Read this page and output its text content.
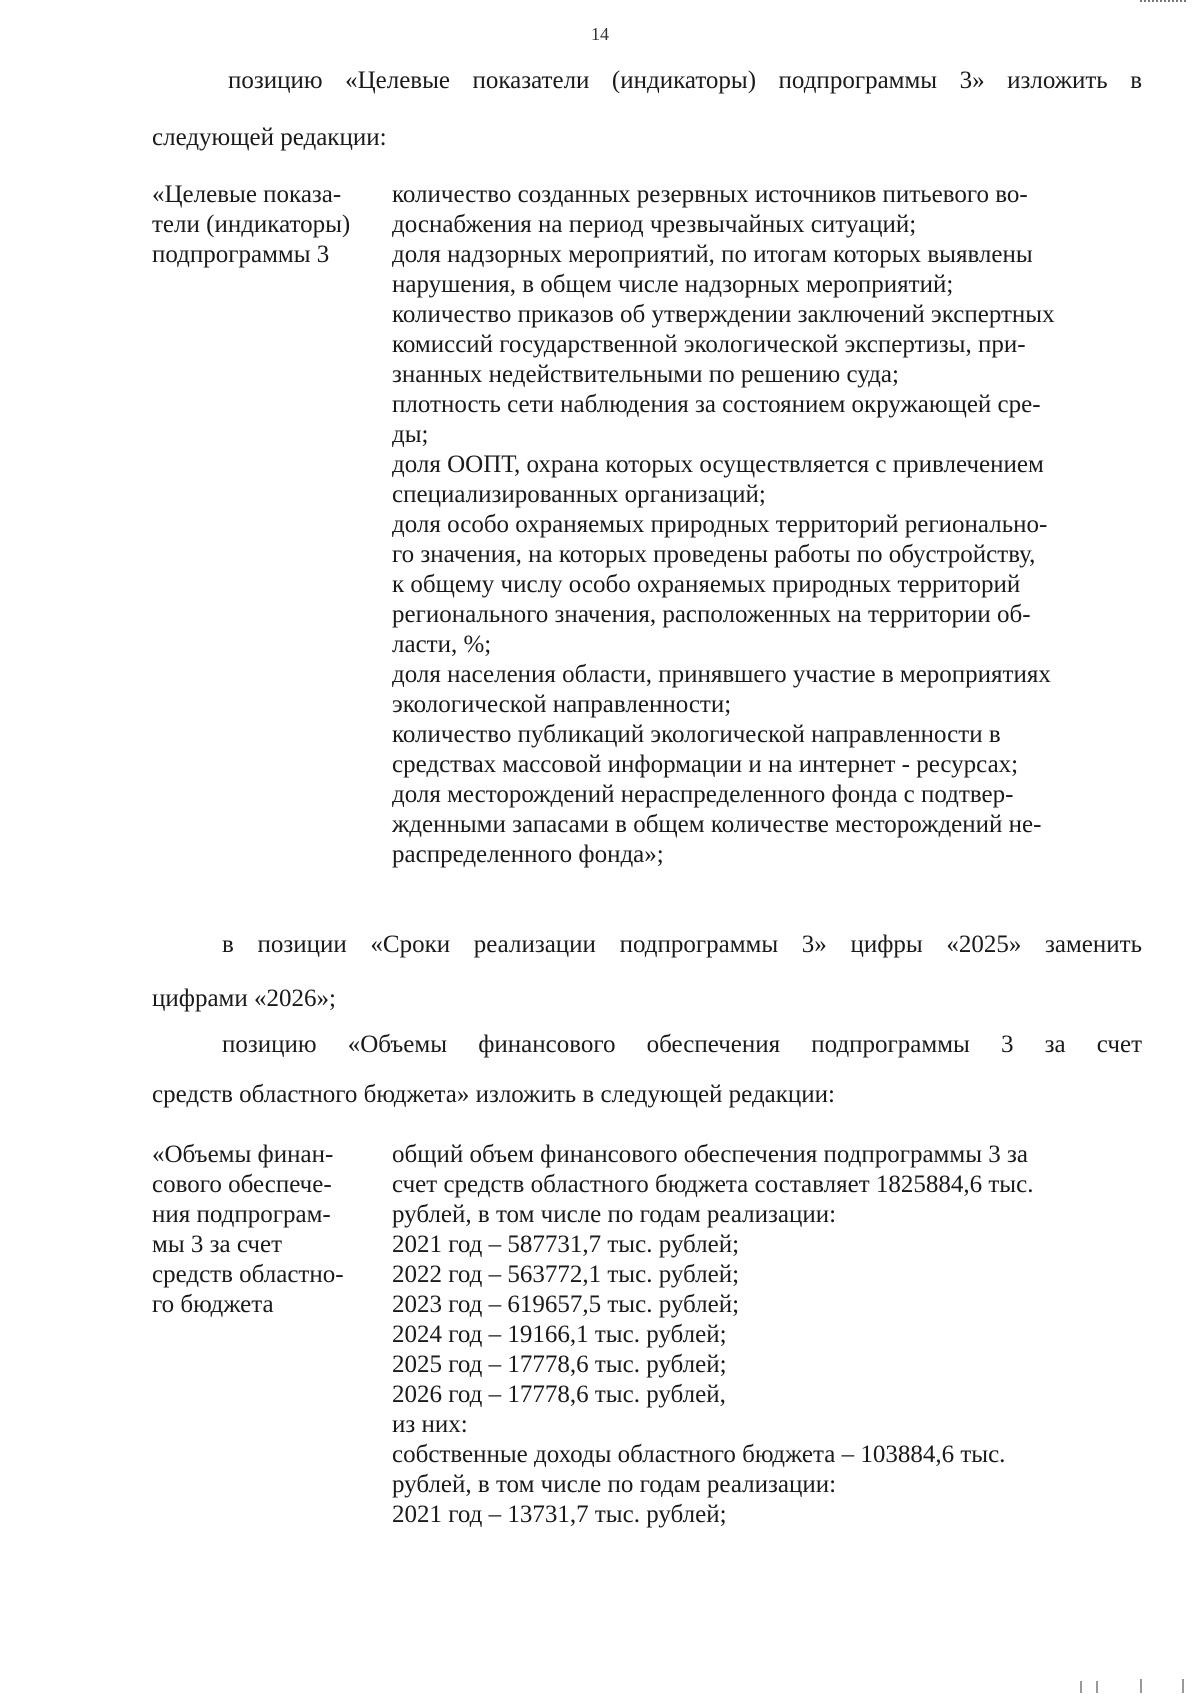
14

позицию «Целевые показатели (индикаторы) подпрограммы 3» изложить в

следующей редакции:

«Целевые показа-

тели (индикаторы)

подпрограммы 3

количество созданных резервных источников питьевого во-

доснабжения на период чрезвычайных ситуаций;

доля надзорных мероприятий, по итогам которых выявлены

нарушения, в общем числе надзорных мероприятий;

количество приказов об утверждении заключений экспертных

комиссий государственной экологической экспертизы, при-

знанных недействительными по решению суда;

плотность сети наблюдения за состоянием окружающей сре-

ды;

доля ООПТ, охрана которых осуществляется с привлечением

специализированных организаций;

доля особо охраняемых природных территорий регионально-

го значения, на которых проведены работы по обустройству,

к общему числу особо охраняемых природных территорий

регионального значения, расположенных на территории об-

ласти, %;

доля населения области, принявшего участие в мероприятиях

экологической направленности;

количество публикаций экологической направленности в

средствах массовой информации и на интернет - ресурсах;

доля месторождений нераспределенного фонда с подтвер-

жденными запасами в общем количестве месторождений не-

распределенного фонда»;

в позиции «Сроки реализации подпрограммы 3» цифры «2025» заменить

цифрами «2026»;

позицию «Объемы финансового обеспечения подпрограммы 3 за счет

средств областного бюджета» изложить в следующей редакции:

«Объемы финан-

сового обеспече-

ния подпрограм-

мы 3 за счет

средств областно-

го бюджета

общий объем финансового обеспечения подпрограммы 3 за

счет средств областного бюджета составляет 1825884,6 тыс.

рублей, в том числе по годам реализации:

2021 год – 587731,7 тыс. рублей;

2022 год – 563772,1 тыс. рублей;

2023 год – 619657,5 тыс. рублей;

2024 год – 19166,1 тыс. рублей;

2025 год – 17778,6 тыс. рублей;

2026 год – 17778,6 тыс. рублей,

из них:

собственные доходы областного бюджета – 103884,6 тыс.

рублей, в том числе по годам реализации:

2021 год – 13731,7 тыс. рублей;
